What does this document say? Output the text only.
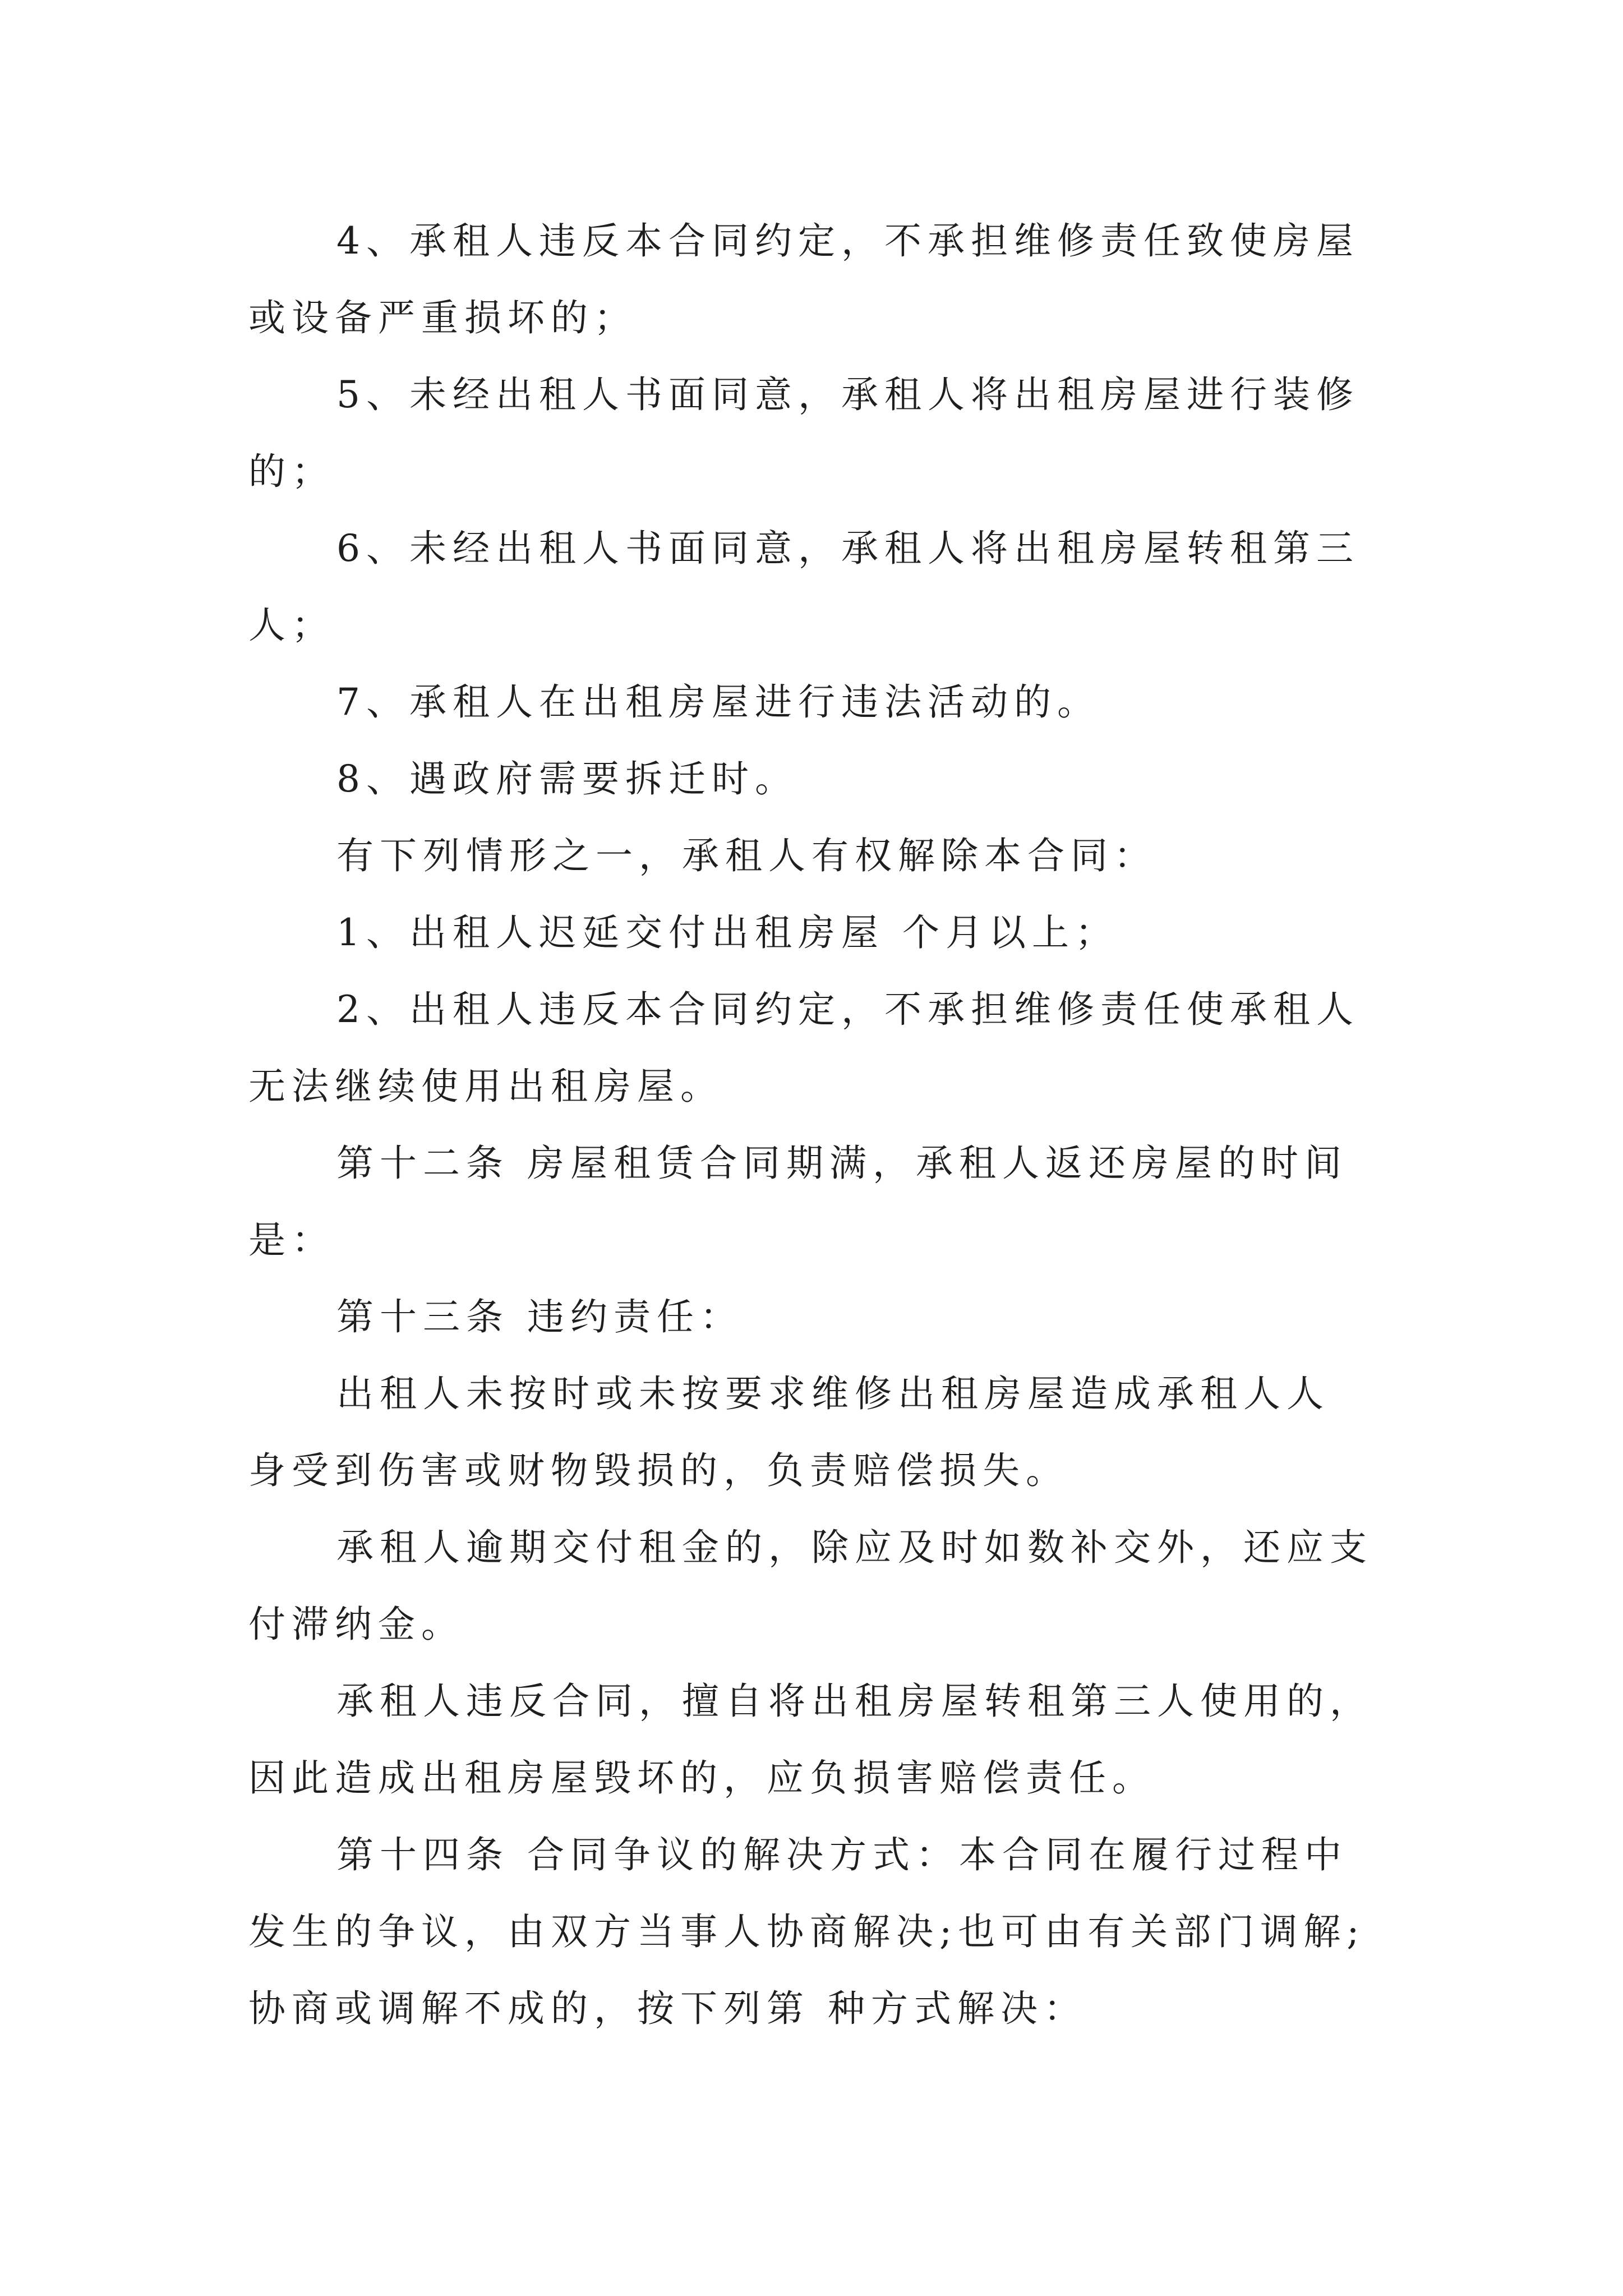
4、承租人违反本合同约定，不承担维修责任致使房屋
或设备严重损坏的；
5、未经出租人书面同意，承租人将出租房屋进行装修
的；
6、未经出租人书面同意，承租人将出租房屋转租第三
人；
7、承租人在出租房屋进行违法活动的。
8、遇政府需要拆迁时。
有下列情形之一，承租人有权解除本合同：
1、出租人迟延交付出租房屋 个月以上；
2、出租人违反本合同约定，不承担维修责任使承租人
无法继续使用出租房屋。
第十二条 房屋租赁合同期满，承租人返还房屋的时间
是：
第十三条 违约责任：
出租人未按时或未按要求维修出租房屋造成承租人人
身受到伤害或财物毁损的，负责赔偿损失。
承租人逾期交付租金的，除应及时如数补交外，还应支
付滞纳金。
承租人违反合同，擅自将出租房屋转租第三人使用的，
因此造成出租房屋毁坏的，应负损害赔偿责任。
第十四条 合同争议的解决方式：本合同在履行过程中
发生的争议，由双方当事人协商解决;也可由有关部门调解;
协商或调解不成的，按下列第 种方式解决：
